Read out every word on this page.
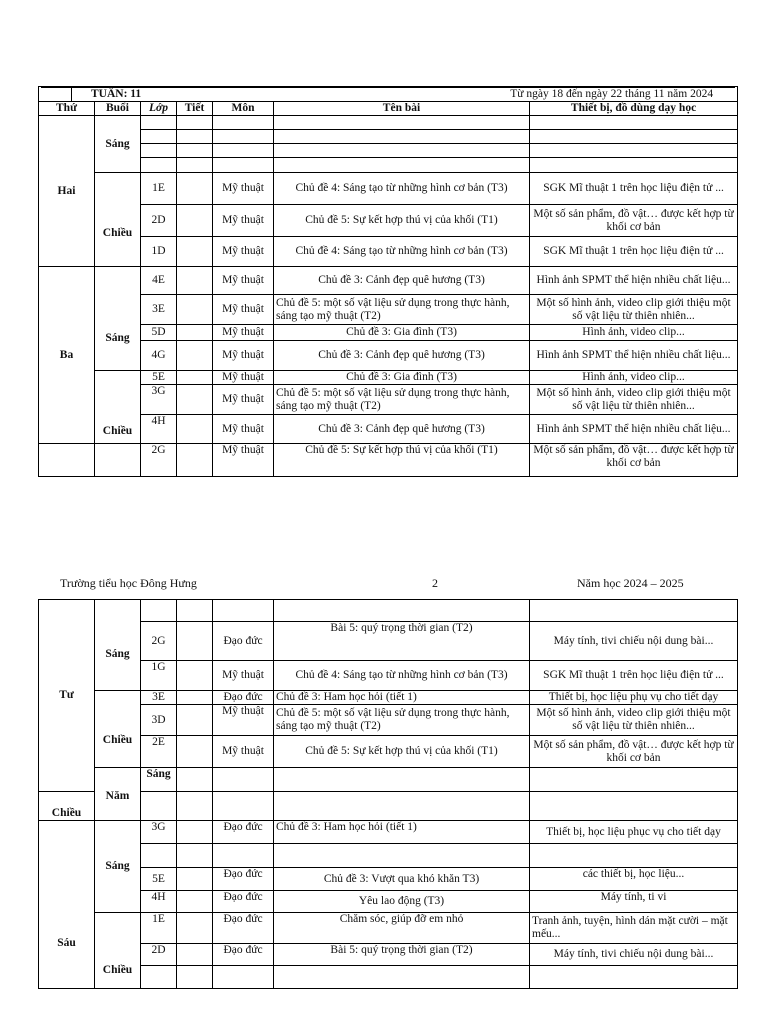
TUẦN: 11 Từ ngày 18 đến ngày 22 tháng 11 năm 2024						

Thứ	Buổi	Lớp	Tiết	Môn	Tên bài	Thiết bị, đồ dùng dạy học
Hai	Sáng					

	Chiều	1E		Mỹ thuật	Chủ đề 4: Sáng tạo từ những hình cơ bản (T3)	SGK Mĩ thuật 1 trên học liệu điện tử ...
		2D		Mỹ thuật	Chủ đề 5: Sự kết hợp thú vị của khối (T1)	Một số sản phẩm, đồ vật… được kết hợp từ khối cơ bản
		1D		Mỹ thuật	Chủ đề 4: Sáng tạo từ những hình cơ bản (T3)	SGK Mĩ thuật 1 trên học liệu điện tử ...
Ba	Sáng	4E		Mỹ thuật	Chủ đề 3: Cảnh đẹp quê hương (T3)	Hình ảnh SPMT thể hiện nhiều chất liệu...
		3E		Mỹ thuật	Chủ đề 5: một số vật liệu sử dụng trong thực hành, sáng tạo mỹ thuật (T2)	Một số hình ảnh, video clip giới thiệu một số vật liệu từ thiên nhiên...
		5D		Mỹ thuật	Chủ đề 3: Gia đình (T3)	Hình ảnh, video clip...
		4G		Mỹ thuật	Chủ đề 3: Cảnh đẹp quê hương (T3)	Hình ảnh SPMT thể hiện nhiều chất liệu...
	Chiều	5E		Mỹ thuật	Chủ đề 3: Gia đình (T3)	Hình ảnh, video clip...
		3G		Mỹ thuật	Chủ đề 5: một số vật liệu sử dụng trong thực hành, sáng tạo mỹ thuật (T2)	Một số hình ảnh, video clip giới thiệu một số vật liệu từ thiên nhiên...
		4H		Mỹ thuật	Chủ đề 3: Cảnh đẹp quê hương (T3)	Hình ảnh SPMT thể hiện nhiều chất liệu...
		2G		Mỹ thuật	Chủ đề 5: Sự kết hợp thú vị của khối (T1)	Một số sản phẩm, đồ vật… được kết hợp từ khối cơ bản
Trường tiểu học Đông Hưng	2	Năm học 2024 – 2025
Tư	Sáng						
		2G		Đạo đức	Bài 5: quý trọng thời gian (T2)	Máy tính, tivi chiếu nội dung bài...	
		1G		Mỹ thuật	Chủ đề 4: Sáng tạo từ những hình cơ bản (T3)	SGK Mĩ thuật 1 trên học liệu điện tử ...	
	Chiều	3E		Đạo đức	Chủ đề 3: Ham học hỏi (tiết 1)	Thiết bị, học liệu phụ vụ cho tiết dạy	
		3D		Mỹ thuật	Chủ đề 5: một số vật liệu sử dụng trong thực hành, sáng tạo mỹ thuật (T2)	Một số hình ảnh, video clip giới thiệu một số vật liệu từ thiên nhiên...	
		2E		Mỹ thuật	Chủ đề 5: Sự kết hợp thú vị của khối (T1)	Một số sản phẩm, đồ vật… được kết hợp từ khối cơ bản	
	Năm	Sáng					
Chiều							
Sáu	Sáng	3G		Đạo đức	Chủ đề 3: Ham học hỏi (tiết 1)	Thiết bị, học liệu phục vụ cho tiết dạy	

		5E		Đạo đức	Chủ đề 3: Vượt qua khó khăn T3)	các thiết bị, học liệu...	
		4H		Đạo đức	Yêu lao động (T3)	Máy tính, ti vi	
	Chiều	1E		Đạo đức	Chăm sóc, giúp đỡ em nhỏ	Tranh ảnh, tuyện, hình dán mặt cười – mặt mếu...	
		2D		Đạo đức	Bài 5: quý trọng thời gian (T2)	Máy tính, tivi chiếu nội dung bài...	
